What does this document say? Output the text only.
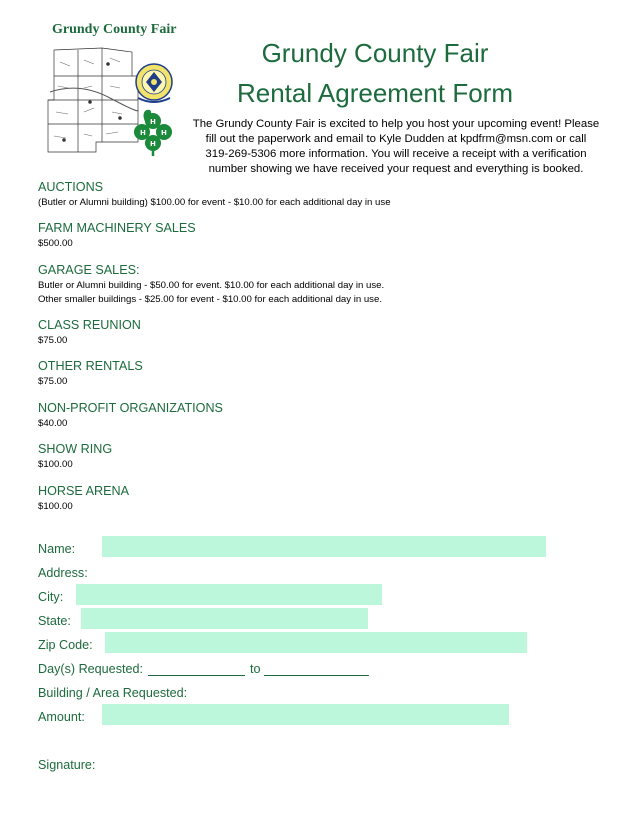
Grundy County Fair
H H
H
H
Grundy County Fair
Rental Agreement Form
The Grundy County Fair is excited to help you host your upcoming event! Please
fill out the paperwork and email to Kyle Dudden at kpdfrm@msn.com or call
319-269-5306 more information. You will receive a receipt with a verification
number showing we have received your request and everything is booked.
AUCTIONS
(Butler or Alumni building) $100.00 for event - $10.00 for each additional day in use
FARM MACHINERY SALES
$500.00
GARAGE SALES:
Butler or Alumni building - $50.00 for event. $10.00 for each additional day in use.
Other smaller buildings - $25.00 for event - $10.00 for each additional day in use.
CLASS REUNION
$75.00
OTHER RENTALS
$75.00
NON-PROFIT ORGANIZATIONS
$40.00
SHOW RING
$100.00
HORSE ARENA
$100.00
Name:
Address:
City:
State:
Zip Code:
Day(s) Requested:	to
Building / Area Requested:
Amount:
Signature:
